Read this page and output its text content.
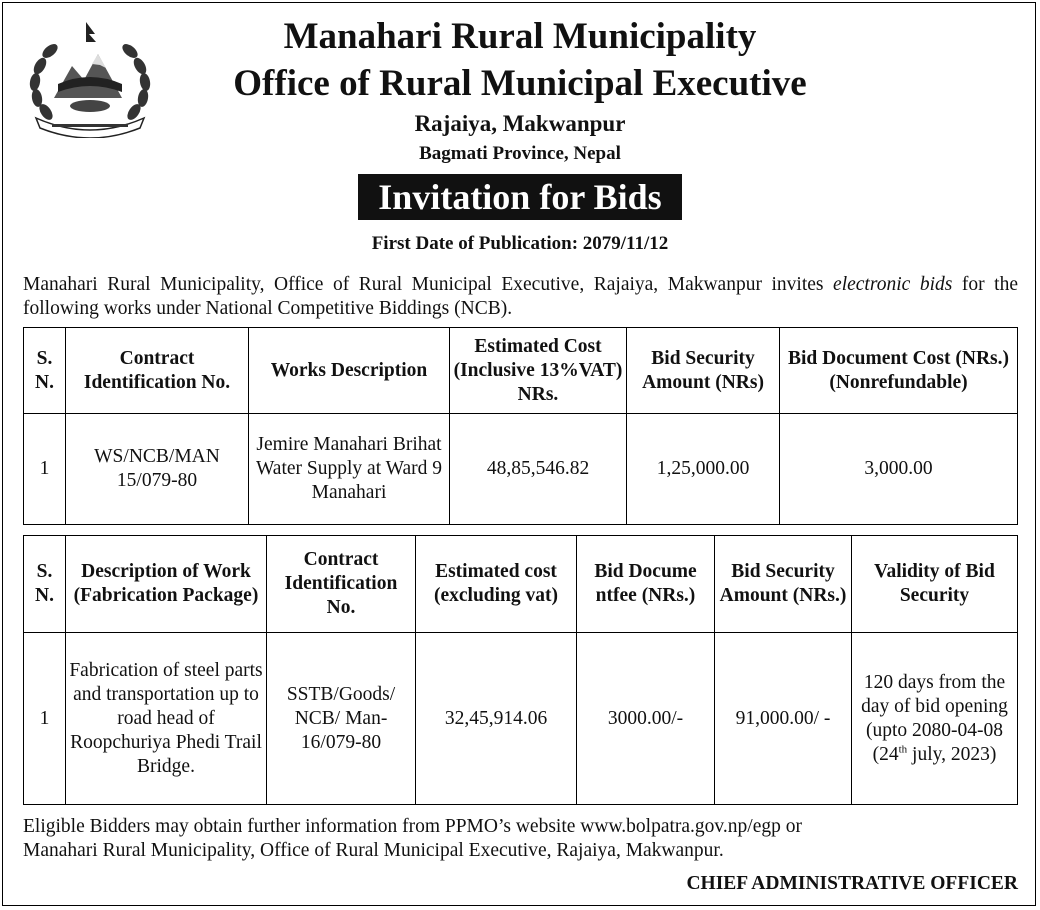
Manahari Rural Municipality
Office of Rural Municipal Executive
Rajaiya, Makwanpur
Bagmati Province, Nepal
Invitation for Bids
First Date of Publication: 2079/11/12
Manahari Rural Municipality, Office of Rural Municipal Executive, Rajaiya, Makwanpur invites electronic bids for the following works under National Competitive Biddings (NCB).
S. N.	Contract Identification No.	Works Description	Estimated Cost (Inclusive 13%VAT) NRs.	Bid Security Amount (NRs)	Bid Document Cost (NRs.) (Nonrefundable)
1	WS/NCB/MAN 15/079-80	Jemire Manahari Brihat Water Supply at Ward 9 Manahari	48,85,546.82	1,25,000.00	3,000.00
S. N.	Description of Work (Fabrication Package)	Contract Identification No.	Estimated cost (excluding vat)	Bid Docume ntfee (NRs.)	Bid Security Amount (NRs.)	Validity of Bid Security
1	Fabrication of steel parts and transportation up to road head of Roopchuriya Phedi Trail Bridge.	SSTB/Goods/ NCB/ Man-16/079-80	32,45,914.06	3000.00/-	91,000.00/ -	120 days from the day of bid opening (upto 2080-04-08
(24th july, 2023)
Eligible Bidders may obtain further information from PPMO’s website www.bolpatra.gov.np/egp or
Manahari Rural Municipality, Office of Rural Municipal Executive, Rajaiya, Makwanpur.
CHIEF ADMINISTRATIVE OFFICER
